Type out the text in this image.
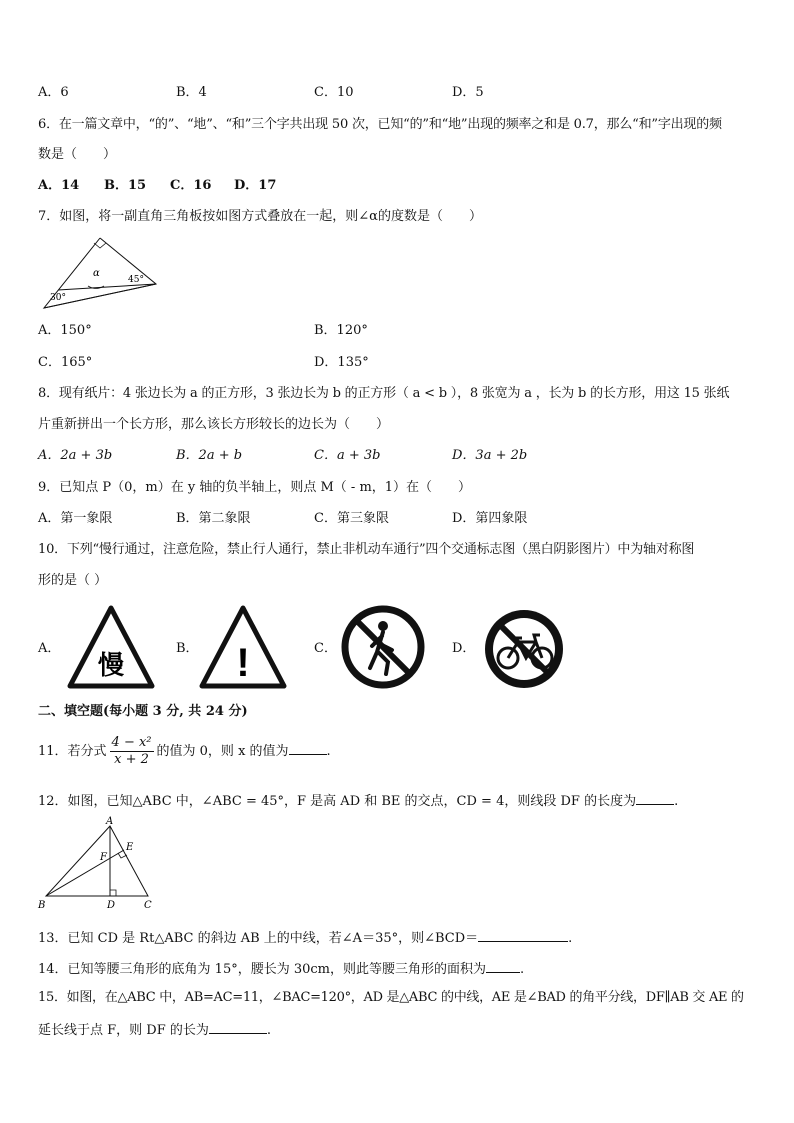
A．6	B．4	C．10	D．5
6．在一篇文章中，“的”、“地”、“和”三个字共出现 50 次，已知“的”和“地”出现的频率之和是 0.7，那么“和”字出现的频
数是（　　）
A．14 B．15 C．16 D．17
7．如图，将一副直角三角板按如图方式叠放在一起，则∠α的度数是（　　）
α
45°
30°
A．150°	B．120°
C．165°	D．135°
8．现有纸片：4 张边长为 a 的正方形，3 张边长为 b 的正方形（ a < b ），8 张宽为 a ，长为 b 的长方形，用这 15 张纸
片重新拼出一个长方形，那么该长方形较长的边长为（　　）
A．2a + 3b	B．2a + b	C．a + 3b	D．3a + 2b
9．已知点 P（0，m）在 y 轴的负半轴上，则点 M（ - m，1）在（　　）
A．第一象限	B．第二象限	C．第三象限	D．第四象限
10．下列“慢行通过，注意危险，禁止行人通行，禁止非机动车通行”四个交通标志图（黑白阴影图片）中为轴对称图
形的是（ ）
A．
慢
B． !	C．	D．
二、填空题(每小题 3 分, 共 24 分)
11．若分式 $\frac{\text{4 − x²}}{x + 2}$ 的值为 0，则 x 的值为	.
12．如图，已知△ABC 中，∠ABC = 45°，F 是高 AD 和 BE 的交点，CD = 4，则线段 DF 的长度为	.
A
B	C
D
E
F
13．已知 CD 是 Rt△ABC 的斜边 AB 上的中线，若∠A＝35°，则∠BCD＝	.
14．已知等腰三角形的底角为 15°，腰长为 30cm，则此等腰三角形的面积为	.
15．如图，在△ABC 中，AB=AC=11，∠BAC=120°，AD 是△ABC 的中线，AE 是∠BAD 的角平分线，DF∥AB 交 AE 的
延长线于点 F，则 DF 的长为	.
